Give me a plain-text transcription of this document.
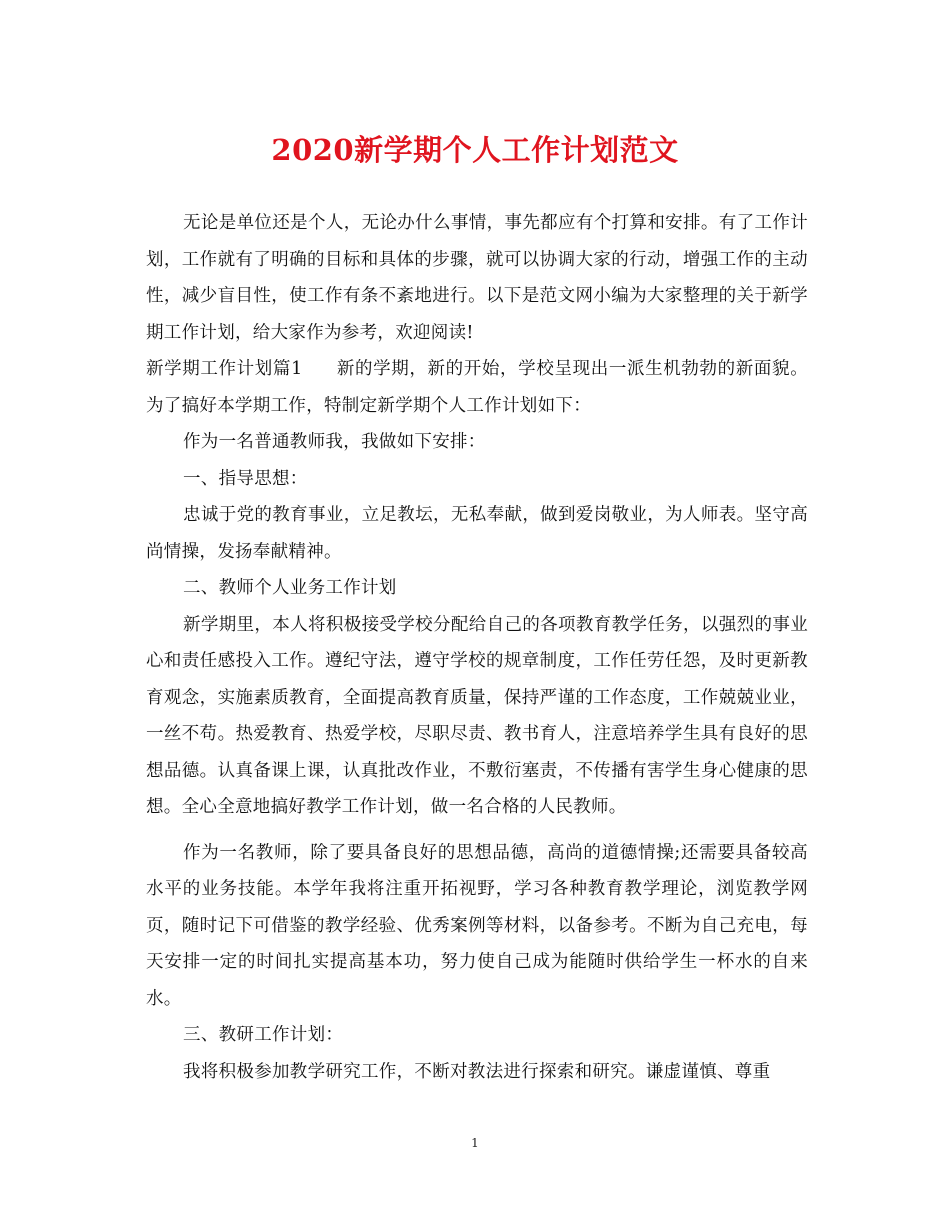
2020新学期个人工作计划范文

无论是单位还是个人，无论办什么事情，事先都应有个打算和安排。有了工作计划，工作就有了明确的目标和具体的步骤，就可以协调大家的行动，增强工作的主动性，减少盲目性，使工作有条不紊地进行。以下是范文网小编为大家整理的关于新学期工作计划，给大家作为参考，欢迎阅读!

新学期工作计划篇1 新的学期，新的开始，学校呈现出一派生机勃勃的新面貌。为了搞好本学期工作，特制定新学期个人工作计划如下：

作为一名普通教师我，我做如下安排：

一、指导思想：

忠诚于党的教育事业，立足教坛，无私奉献，做到爱岗敬业，为人师表。坚守高尚情操，发扬奉献精神。

二、教师个人业务工作计划

新学期里，本人将积极接受学校分配给自己的各项教育教学任务，以强烈的事业心和责任感投入工作。遵纪守法，遵守学校的规章制度，工作任劳任怨，及时更新教育观念，实施素质教育，全面提高教育质量，保持严谨的工作态度，工作兢兢业业，一丝不苟。热爱教育、热爱学校，尽职尽责、教书育人，注意培养学生具有良好的思想品德。认真备课上课，认真批改作业，不敷衍塞责，不传播有害学生身心健康的思想。全心全意地搞好教学工作计划，做一名合格的人民教师。

作为一名教师，除了要具备良好的思想品德，高尚的道德情操;还需要具备较高水平的业务技能。本学年我将注重开拓视野，学习各种教育教学理论，浏览教学网页，随时记下可借鉴的教学经验、优秀案例等材料，以备参考。不断为自己充电，每天安排一定的时间扎实提高基本功，努力使自己成为能随时供给学生一杯水的自来水。

三、教研工作计划：

我将积极参加教学研究工作，不断对教法进行探索和研究。谦虚谨慎、尊重

1
